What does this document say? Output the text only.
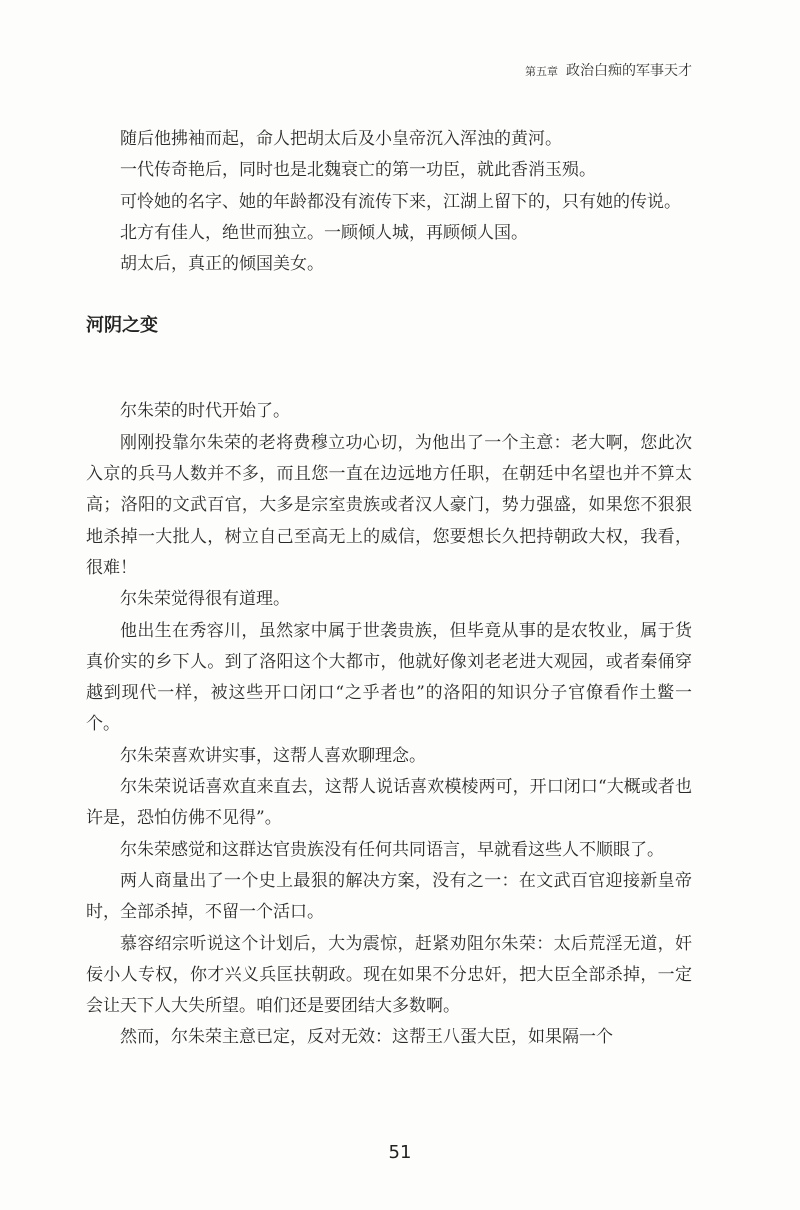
第五章 政治白痴的军事天才

随后他拂袖而起，命人把胡太后及小皇帝沉入浑浊的黄河。

一代传奇艳后，同时也是北魏衰亡的第一功臣，就此香消玉殒。

可怜她的名字、她的年龄都没有流传下来，江湖上留下的，只有她的传说。

北方有佳人，绝世而独立。一顾倾人城，再顾倾人国。

胡太后，真正的倾国美女。

河阴之变

尔朱荣的时代开始了。

刚刚投靠尔朱荣的老将费穆立功心切，为他出了一个主意：老大啊，您此次入京的兵马人数并不多，而且您一直在边远地方任职，在朝廷中名望也并不算太高；洛阳的文武百官，大多是宗室贵族或者汉人豪门，势力强盛，如果您不狠狠地杀掉一大批人，树立自己至高无上的威信，您要想长久把持朝政大权，我看，很难！

尔朱荣觉得很有道理。

他出生在秀容川，虽然家中属于世袭贵族，但毕竟从事的是农牧业，属于货真价实的乡下人。到了洛阳这个大都市，他就好像刘老老进大观园，或者秦俑穿越到现代一样，被这些开口闭口“之乎者也”的洛阳的知识分子官僚看作土鳖一个。

尔朱荣喜欢讲实事，这帮人喜欢聊理念。

尔朱荣说话喜欢直来直去，这帮人说话喜欢模棱两可，开口闭口“大概或者也许是，恐怕仿佛不见得”。

尔朱荣感觉和这群达官贵族没有任何共同语言，早就看这些人不顺眼了。

两人商量出了一个史上最狠的解决方案，没有之一：在文武百官迎接新皇帝时，全部杀掉，不留一个活口。

慕容绍宗听说这个计划后，大为震惊，赶紧劝阻尔朱荣：太后荒淫无道，奸佞小人专权，你才兴义兵匡扶朝政。现在如果不分忠奸，把大臣全部杀掉，一定会让天下人大失所望。咱们还是要团结大多数啊。

然而，尔朱荣主意已定，反对无效：这帮王八蛋大臣，如果隔一个

51
